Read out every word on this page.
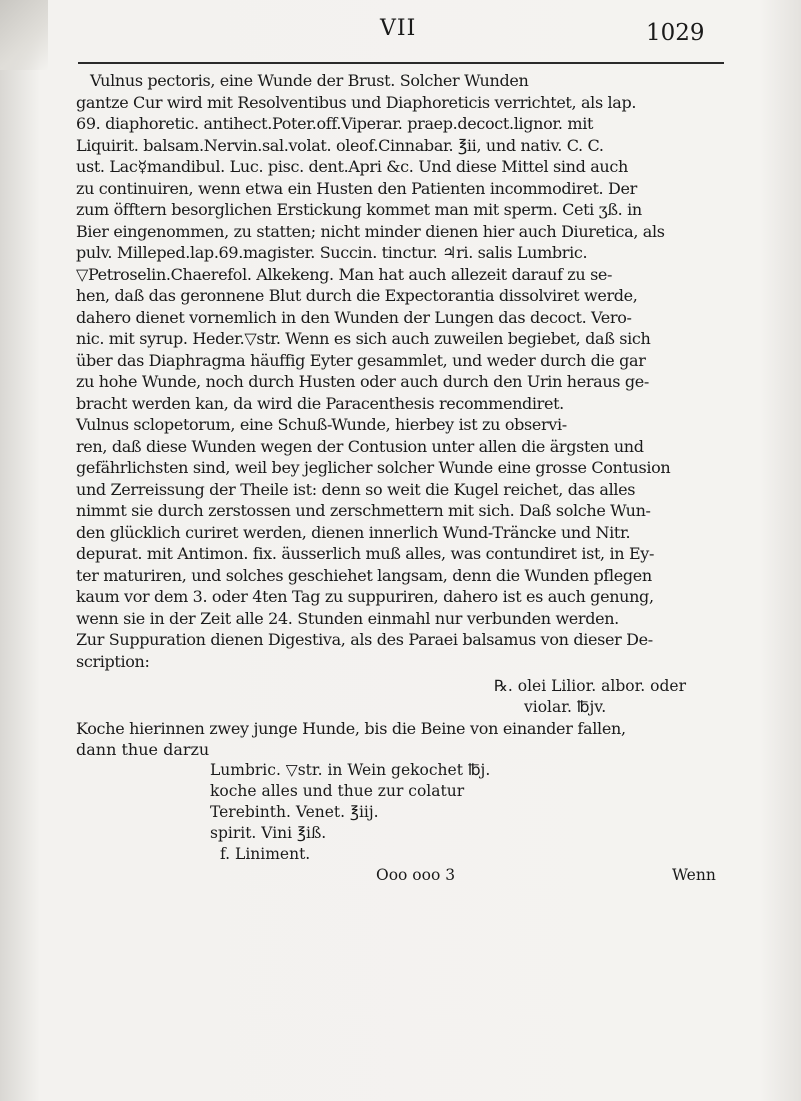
VII	1029
Vulnus pectoris, eine Wunde der Brust. Solcher Wunden
gantze Cur wird mit Resolventibus und Diaphoreticis verrichtet, als lap.
69. diaphoretic. antihect.Poter.off.Viperar. praep.decoct.lignor. mit
Liquirit. balsam.Nervin.sal.volat. oleof.Cinnabar. ℥ii, und nativ. C. C.
ust. Lac☿mandibul. Luc. pisc. dent.Apri &c. Und diese Mittel sind auch
zu continuiren, wenn etwa ein Husten den Patienten incommodiret. Der
zum öfftern besorglichen Erstickung kommet man mit sperm. Ceti ʒß. in
Bier eingenommen, zu statten; nicht minder dienen hier auch Diuretica, als
pulv. Milleped.lap.69.magister. Succin. tinctur. ♃ri. salis Lumbric.
▽Petroselin.Chaerefol. Alkekeng. Man hat auch allezeit darauf zu se-
hen, daß das geronnene Blut durch die Expectorantia dissolviret werde,
dahero dienet vornemlich in den Wunden der Lungen das decoct. Vero-
nic. mit syrup. Heder.▽str. Wenn es sich auch zuweilen begiebet, daß sich
über das Diaphragma häuffig Eyter gesammlet, und weder durch die gar
zu hohe Wunde, noch durch Husten oder auch durch den Urin heraus ge-
bracht werden kan, da wird die Paracenthesis recommendiret.
Vulnus sclopetorum, eine Schuß-Wunde, hierbey ist zu observi-
ren, daß diese Wunden wegen der Contusion unter allen die ärgsten und
gefährlichsten sind, weil bey jeglicher solcher Wunde eine grosse Contusion
und Zerreissung der Theile ist: denn so weit die Kugel reichet, das alles
nimmt sie durch zerstossen und zerschmettern mit sich. Daß solche Wun-
den glücklich curiret werden, dienen innerlich Wund-Träncke und Nitr.
depurat. mit Antimon. fix. äusserlich muß alles, was contundiret ist, in Ey-
ter maturiren, und solches geschiehet langsam, denn die Wunden pflegen
kaum vor dem 3. oder 4ten Tag zu suppuriren, dahero ist es auch genung,
wenn sie in der Zeit alle 24. Stunden einmahl nur verbunden werden.
Zur Suppuration dienen Digestiva, als des Paraei balsamus von dieser De-
scription:
℞. olei Lilior. albor. oder
violar. ℔jv.
Koche hierinnen zwey junge Hunde, bis die Beine von einander fallen,
dann thue darzu
Lumbric. ▽str. in Wein gekochet ℔j.
koche alles und thue zur colatur
Terebinth. Venet. ℥iij.
spirit. Vini ℥iß.
f. Liniment.
Ooo ooo 3	Wenn
